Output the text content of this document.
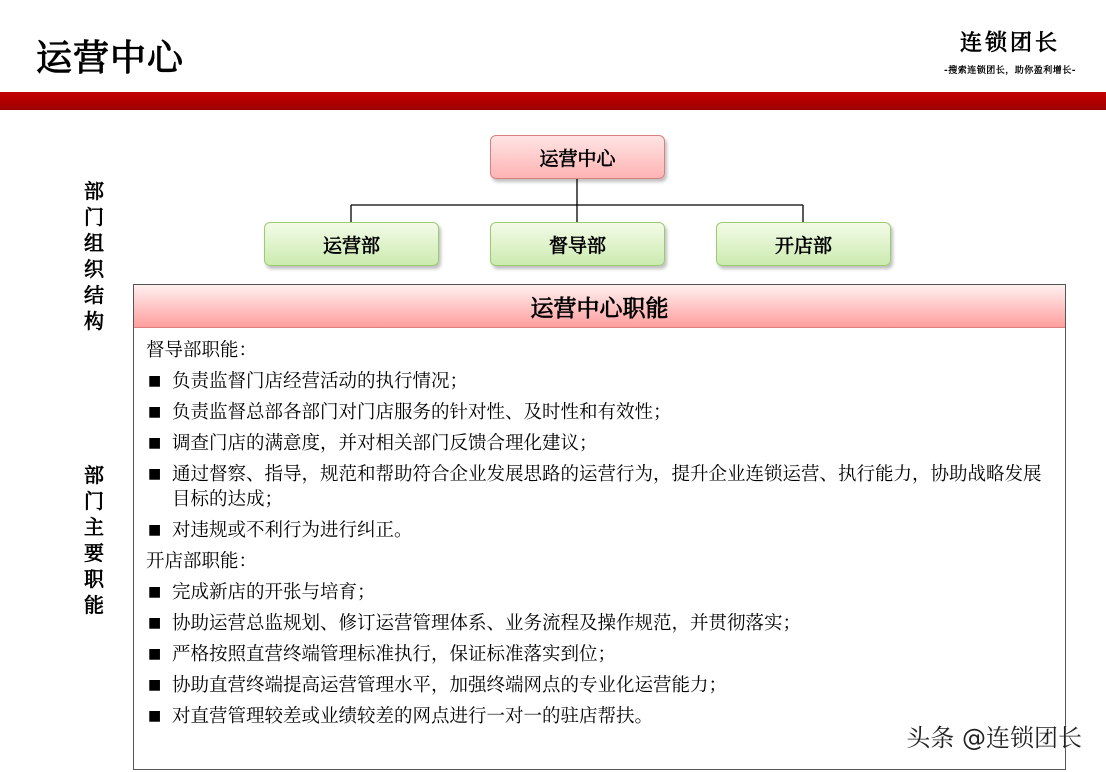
运营中心	连锁团长
-搜索连锁团长，助你盈利增长-
部门组织结构
部门主要职能
运营中心
运营部	督导部	开店部
运营中心职能
督导部职能：
■ 负责监督门店经营活动的执行情况；
■ 负责监督总部各部门对门店服务的针对性、及时性和有效性；
■ 调查门店的满意度，并对相关部门反馈合理化建议；
■ 通过督察、指导，规范和帮助符合企业发展思路的运营行为，提升企业连锁运营、执行能力，协助战略发展目标的达成；
■ 对违规或不利行为进行纠正。
开店部职能：
■ 完成新店的开张与培育；
■ 协助运营总监规划、修订运营管理体系、业务流程及操作规范，并贯彻落实；
■ 严格按照直营终端管理标准执行，保证标准落实到位；
■ 协助直营终端提高运营管理水平，加强终端网点的专业化运营能力；
■ 对直营管理较差或业绩较差的网点进行一对一的驻店帮扶。
头条 @连锁团长
